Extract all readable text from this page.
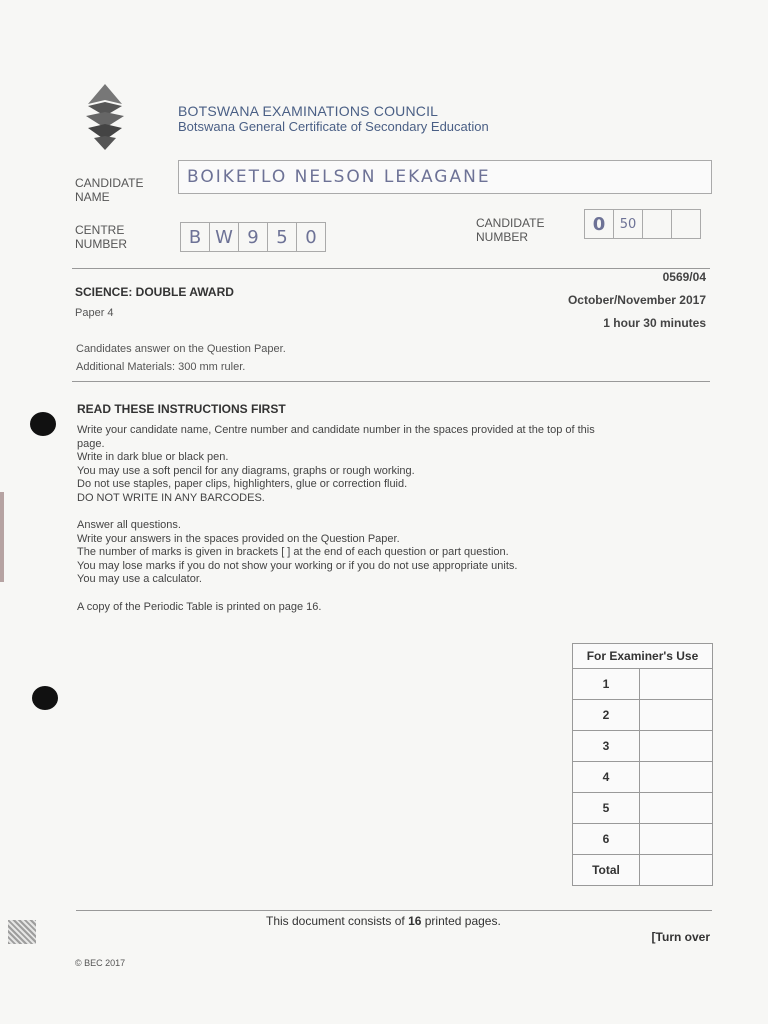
BOTSWANA EXAMINATIONS COUNCIL
Botswana General Certificate of Secondary Education
CANDIDATE
NAME
BOIKETLO NELSON LEKAGANE
CENTRE
NUMBER	B W 9 5 0
CANDIDATE
NUMBER
0 50
0569/04
SCIENCE: DOUBLE AWARD
Paper 4
October/November 2017
1 hour 30 minutes
Candidates answer on the Question Paper.
Additional Materials: 300 mm ruler.
READ THESE INSTRUCTIONS FIRST

Write your candidate name, Centre number and candidate number in the spaces provided at the top of this

page.

Write in dark blue or black pen.

You may use a soft pencil for any diagrams, graphs or rough working.

Do not use staples, paper clips, highlighters, glue or correction fluid.

DO NOT WRITE IN ANY BARCODES.

Answer all questions.

Write your answers in the spaces provided on the Question Paper.

The number of marks is given in brackets [ ] at the end of each question or part question.

You may lose marks if you do not show your working or if you do not use appropriate units.

You may use a calculator.

A copy of the Periodic Table is printed on page 16.

For Examiner's Use	
1	
2	
3	
4	
5	
6	
Total	
This document consists of 16 printed pages.
[Turn over
© BEC 2017
